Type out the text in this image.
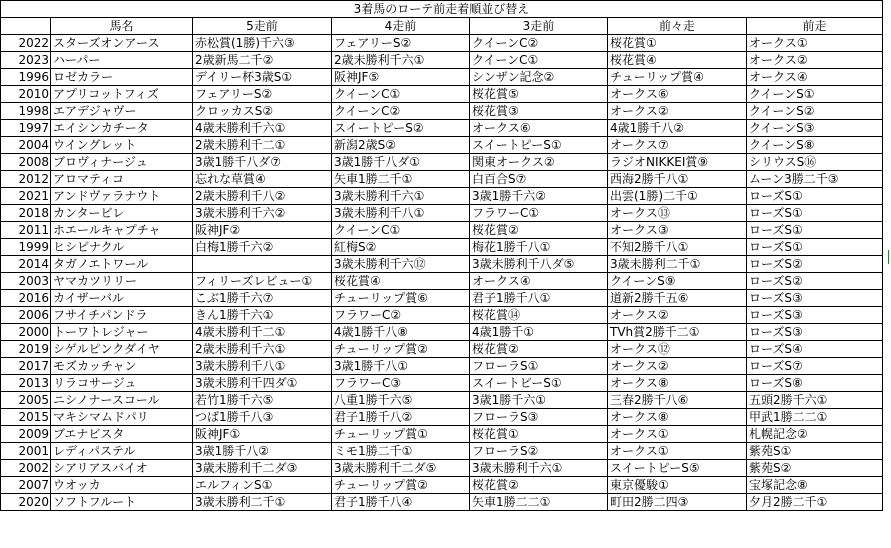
3着馬のローテ前走着順並び替え						
	馬名	5走前	4走前	3走前	前々走	前走
2022	スターズオンアース	赤松賞(1勝)千六③	フェアリーS②	クイーンC②	桜花賞①	オークス①
2023	ハーパー	2歳新馬二千②	2歳未勝利千六①	クイーンC①	桜花賞④	オークス②
1996	ロゼカラー	デイリー杯3歳S①	阪神JF⑤	シンザン記念②	チューリップ賞④	オークス④
2010	アプリコットフィズ	フェアリーS②	クイーンC①	桜花賞⑤	オークス⑥	クイーンS①
1998	エアデジャヴー	クロッカスS②	クイーンC②	桜花賞③	オークス②	クイーンS②
1997	エイシンカチータ	4歳未勝利千六①	スイートピーS②	オークス⑥	4歳1勝千八②	クイーンS③
2004	ウイングレット	2歳未勝利千二①	新潟2歳S②	スイートピーS①	オークス⑦	クイーンS⑧
2008	ブロヴィナージュ	3歳1勝千八ダ⑦	3歳1勝千八ダ①	関東オークス②	ラジオNIKKEI賞⑨	シリウスS⑯
2012	アロマティコ	忘れな草賞④	矢車1勝二千①	白百合S⑦	西海2勝千八①	ムーン3勝二千③
2021	アンドヴァラナウト	2歳未勝利千八②	3歳未勝利千六①	3歳1勝千六②	出雲(1勝)二千①	ローズS①
2018	カンタービレ	3歳未勝利千六②	3歳未勝利千八①	フラワーC①	オークス⑬	ローズS①
2011	ホエールキャプチャ	阪神JF②	クイーンC①	桜花賞②	オークス③	ローズS①
1999	ヒシピナクル	白梅1勝千六②	紅梅S②	梅花1勝千八①	不知2勝千八①	ローズS①
2014	タガノエトワール		3歳未勝利千六⑫	3歳未勝利千八ダ⑤	3歳未勝利二千①	ローズS②
2003	ヤマカツリリー	フィリーズレビュー①	桜花賞④	オークス④	クイーンS⑨	ローズS②
2016	カイザーバル	こぶ1勝千六⑦	チューリップ賞⑥	君子1勝千八①	道新2勝千五⑥	ローズS③
2006	フサイチパンドラ	きん1勝千六①	フラワーC②	桜花賞⑭	オークス②	ローズS③
2000	トーワトレジャー	4歳未勝利千二①	4歳1勝千八⑧	4歳1勝千①	TVh賞2勝千二①	ローズS③
2019	シゲルピンクダイヤ	2歳未勝利千六①	チューリップ賞②	桜花賞②	オークス⑫	ローズS④
2017	モズカッチャン	3歳未勝利千八①	3歳1勝千八①	フローラS①	オークス②	ローズS⑦
2013	リラコサージュ	3歳未勝利千四ダ①	フラワーC③	スイートピーS①	オークス⑧	ローズS⑧
2005	ニシノナースコール	若竹1勝千六⑤	八重1勝千六⑤	3歳1勝千六①	三春2勝千八⑥	五頭2勝千六①
2015	マキシマムドパリ	つば1勝千八③	君子1勝千八②	フローラS③	オークス⑧	甲武1勝二二①
2009	ブエナビスタ	阪神JF①	チューリップ賞①	桜花賞①	オークス①	札幌記念②
2001	レディパステル	3歳1勝千八②	ミモ1勝二千①	フローラS②	オークス①	紫苑S①
2002	シアリアスバイオ	3歳未勝利千二ダ③	3歳未勝利千二ダ⑤	3歳未勝利千六①	スイートピーS⑤	紫苑S②
2007	ウオッカ	エルフィンS①	チューリップ賞②	桜花賞②	東京優駿①	宝塚記念⑧
2020	ソフトフルート	3歳未勝利二千①	君子1勝千八④	矢車1勝二二①	町田2勝二四③	夕月2勝二千①
